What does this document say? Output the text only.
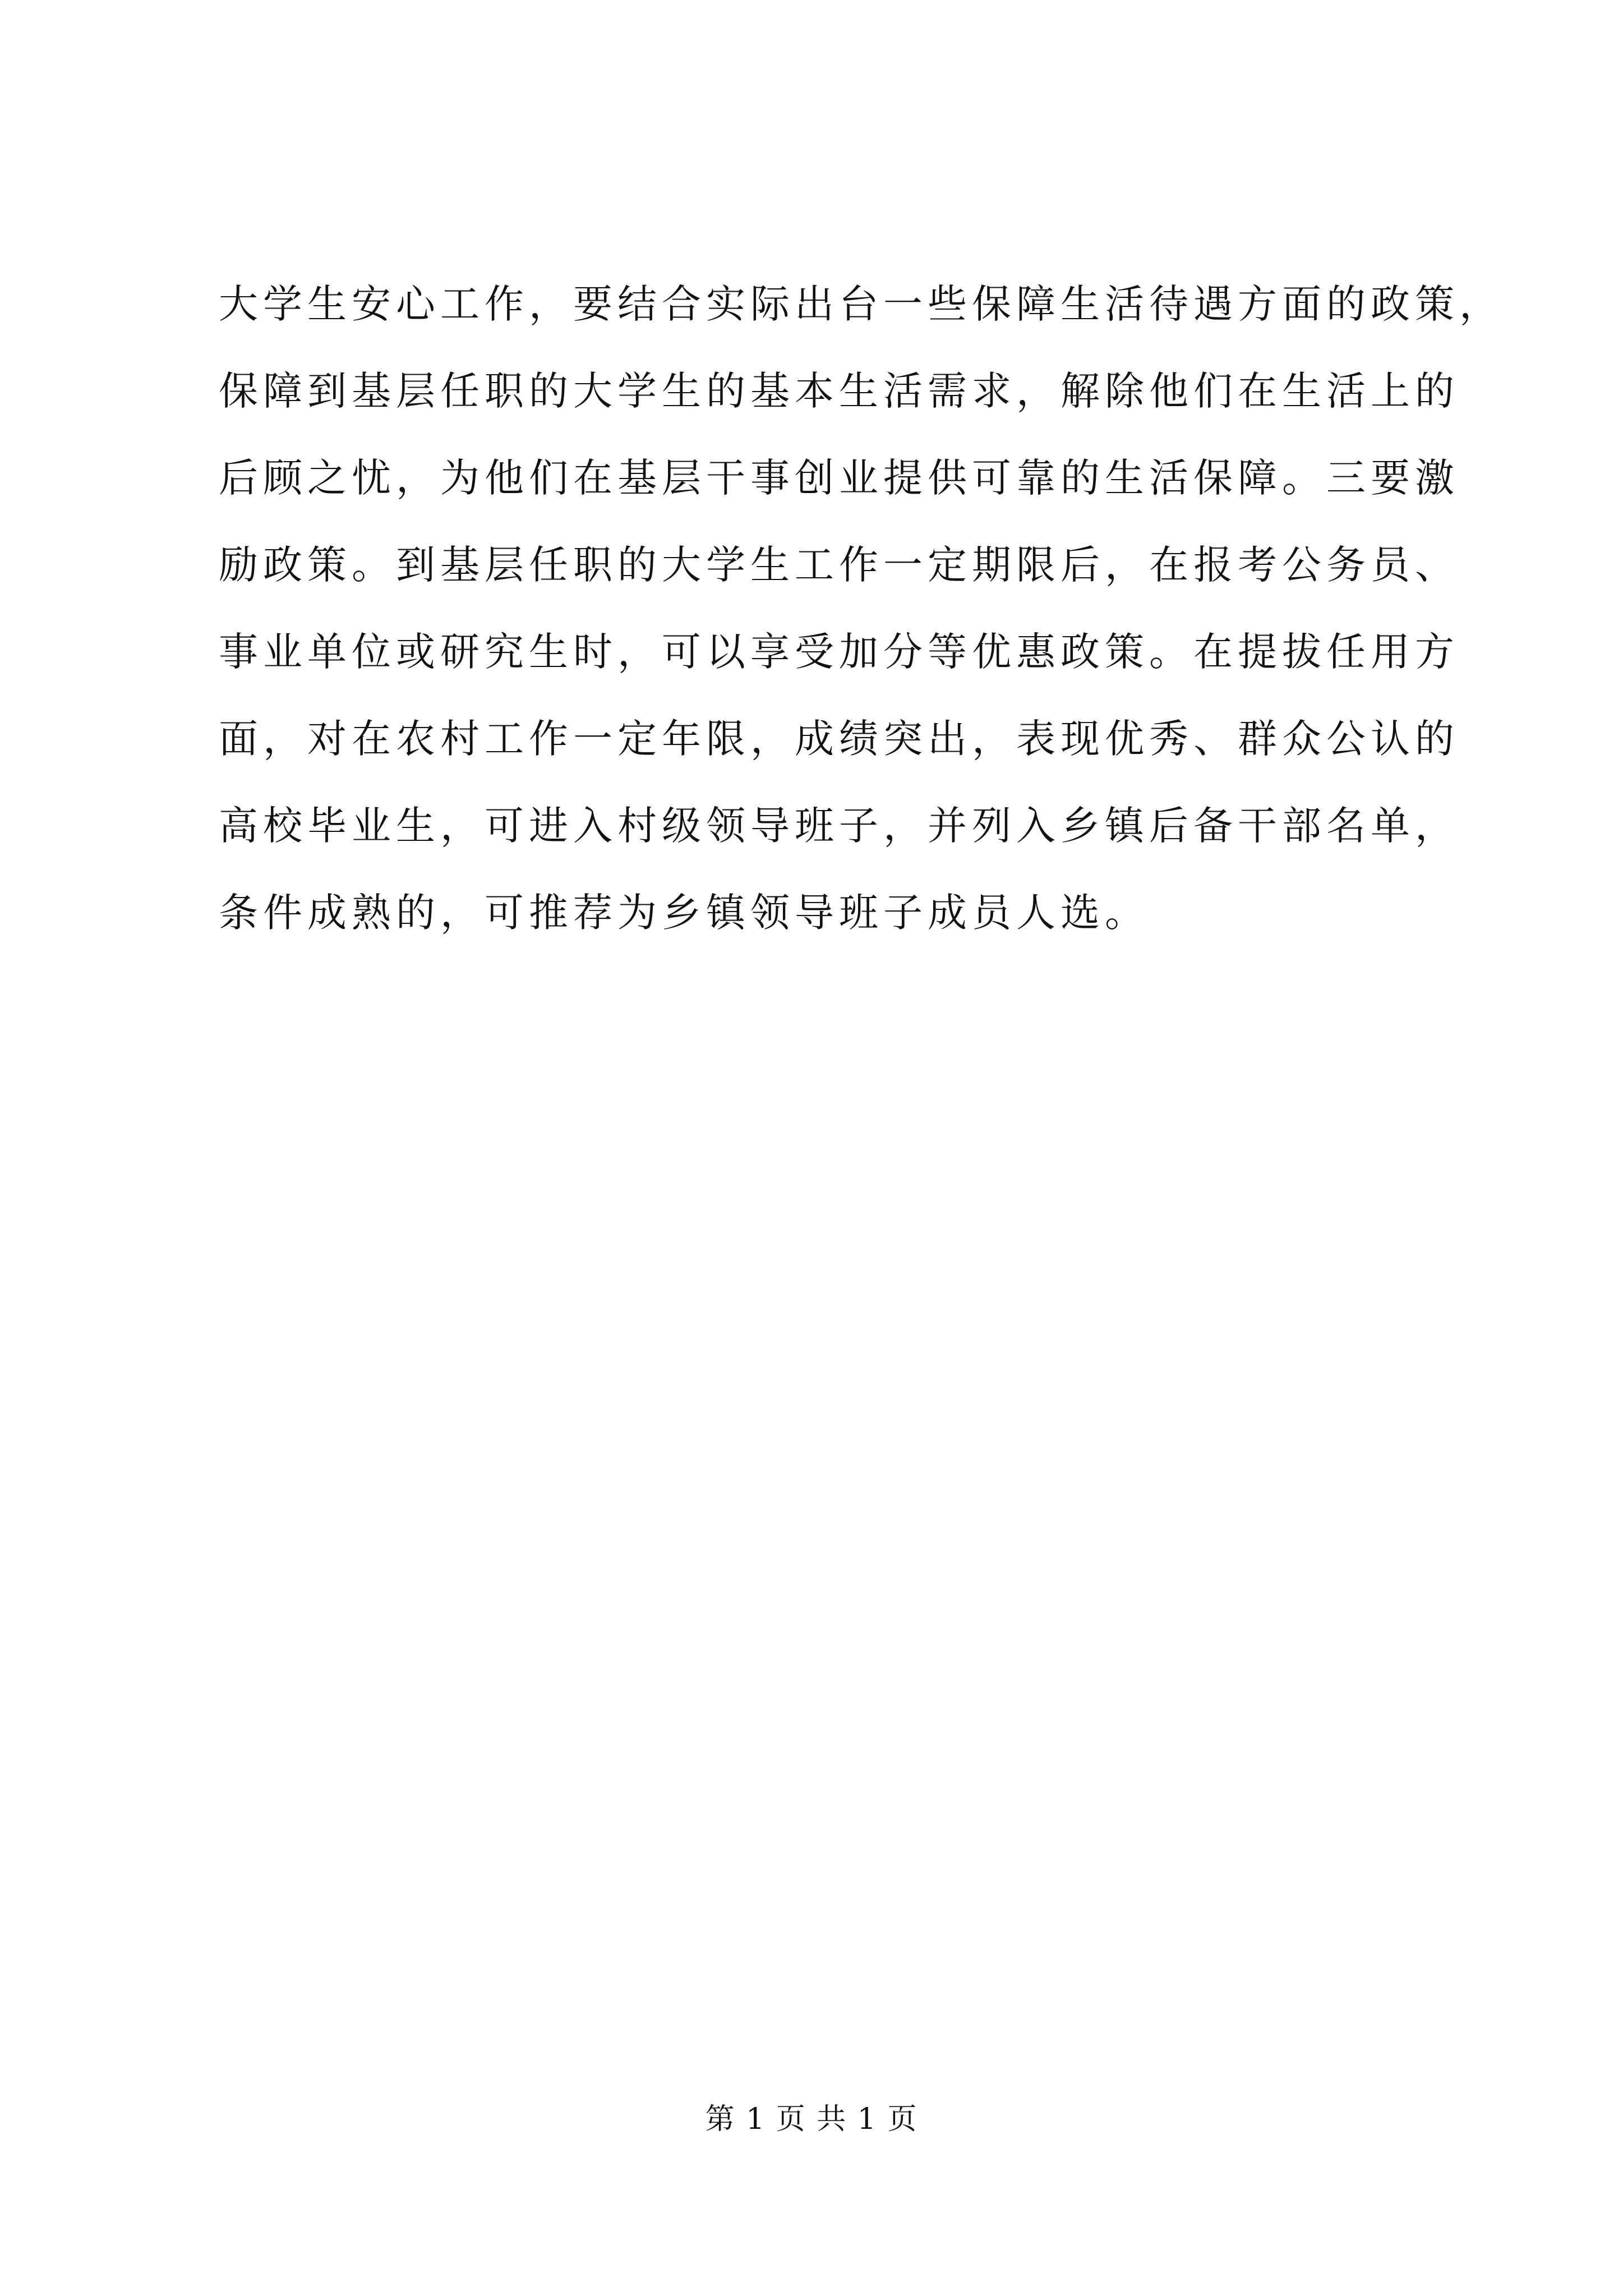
大学生安心工作，要结合实际出台一些保障生活待遇方面的政策，
保障到基层任职的大学生的基本生活需求，解除他们在生活上的
后顾之忧，为他们在基层干事创业提供可靠的生活保障。三要激
励政策。到基层任职的大学生工作一定期限后，在报考公务员、
事业单位或研究生时，可以享受加分等优惠政策。在提拔任用方
面，对在农村工作一定年限，成绩突出，表现优秀、群众公认的
高校毕业生，可进入村级领导班子，并列入乡镇后备干部名单，
条件成熟的，可推荐为乡镇领导班子成员人选。
第 1 页 共 1 页
